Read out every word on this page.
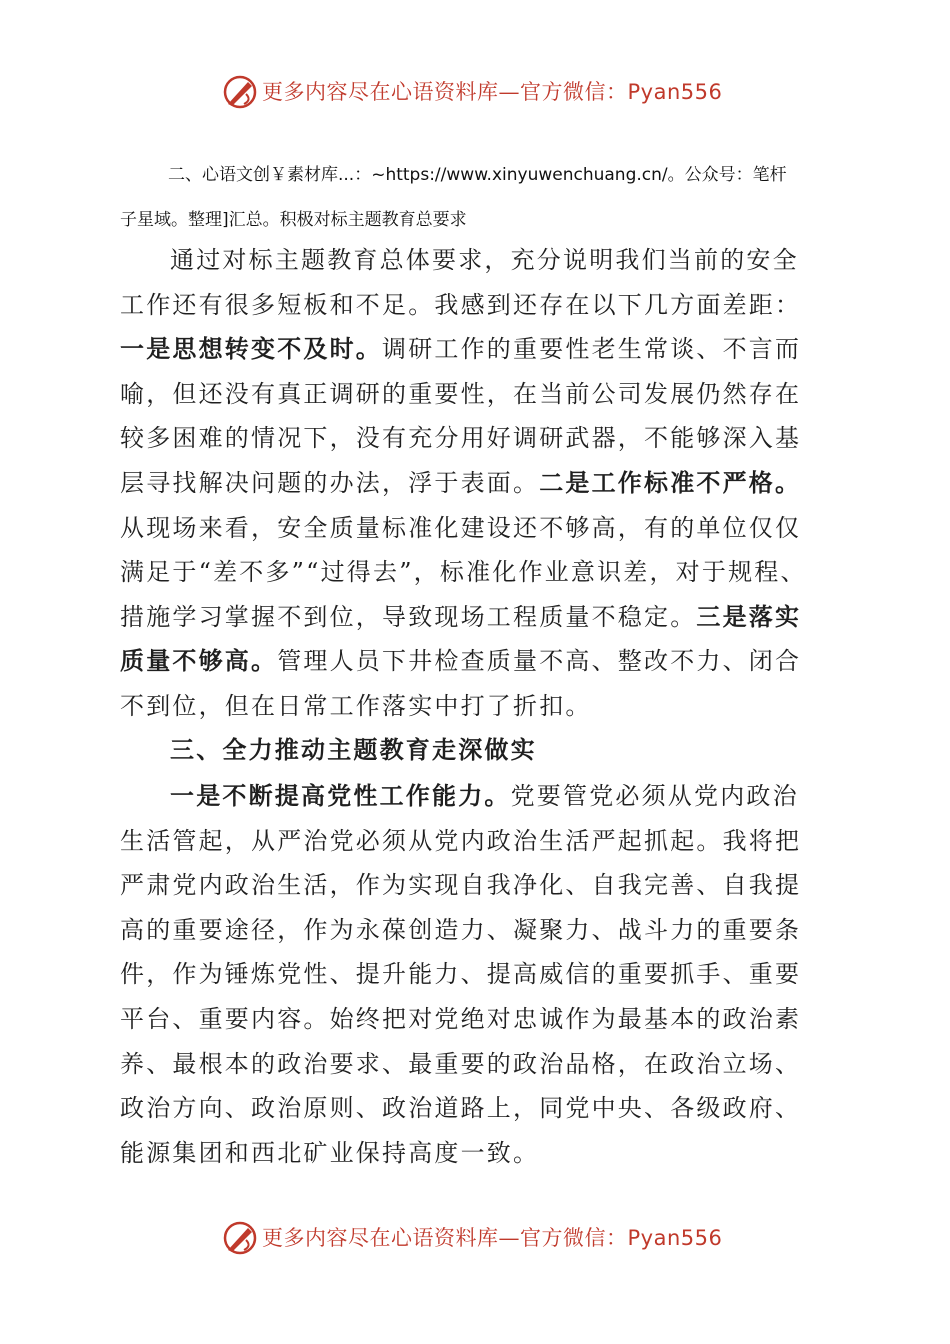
更多内容尽在心语资料库—官方微信：Pyan556
二、心语文创￥素材库...：~https://www.xinyuwenchuang.cn/。公众号：笔杆
子星域。整理]汇总。积极对标主题教育总要求
通过对标主题教育总体要求，充分说明我们当前的安全工作还有很多短板和不足。我感到还存在以下几方面差距：一是思想转变不及时。调研工作的重要性老生常谈、不言而喻，但还没有真正调研的重要性，在当前公司发展仍然存在较多困难的情况下，没有充分用好调研武器，不能够深入基层寻找解决问题的办法，浮于表面。二是工作标准不严格。从现场来看，安全质量标准化建设还不够高，有的单位仅仅满足于“差不多”“过得去”，标准化作业意识差，对于规程、措施学习掌握不到位，导致现场工程质量不稳定。三是落实质量不够高。管理人员下井检查质量不高、整改不力、闭合不到位，但在日常工作落实中打了折扣。
三、全力推动主题教育走深做实
一是不断提高党性工作能力。党要管党必须从党内政治生活管起，从严治党必须从党内政治生活严起抓起。我将把严肃党内政治生活，作为实现自我净化、自我完善、自我提高的重要途径，作为永葆创造力、凝聚力、战斗力的重要条件，作为锤炼党性、提升能力、提高威信的重要抓手、重要平台、重要内容。始终把对党绝对忠诚作为最基本的政治素养、最根本的政治要求、最重要的政治品格，在政治立场、政治方向、政治原则、政治道路上，同党中央、各级政府、能源集团和西北矿业保持高度一致。
更多内容尽在心语资料库—官方微信：Pyan556
